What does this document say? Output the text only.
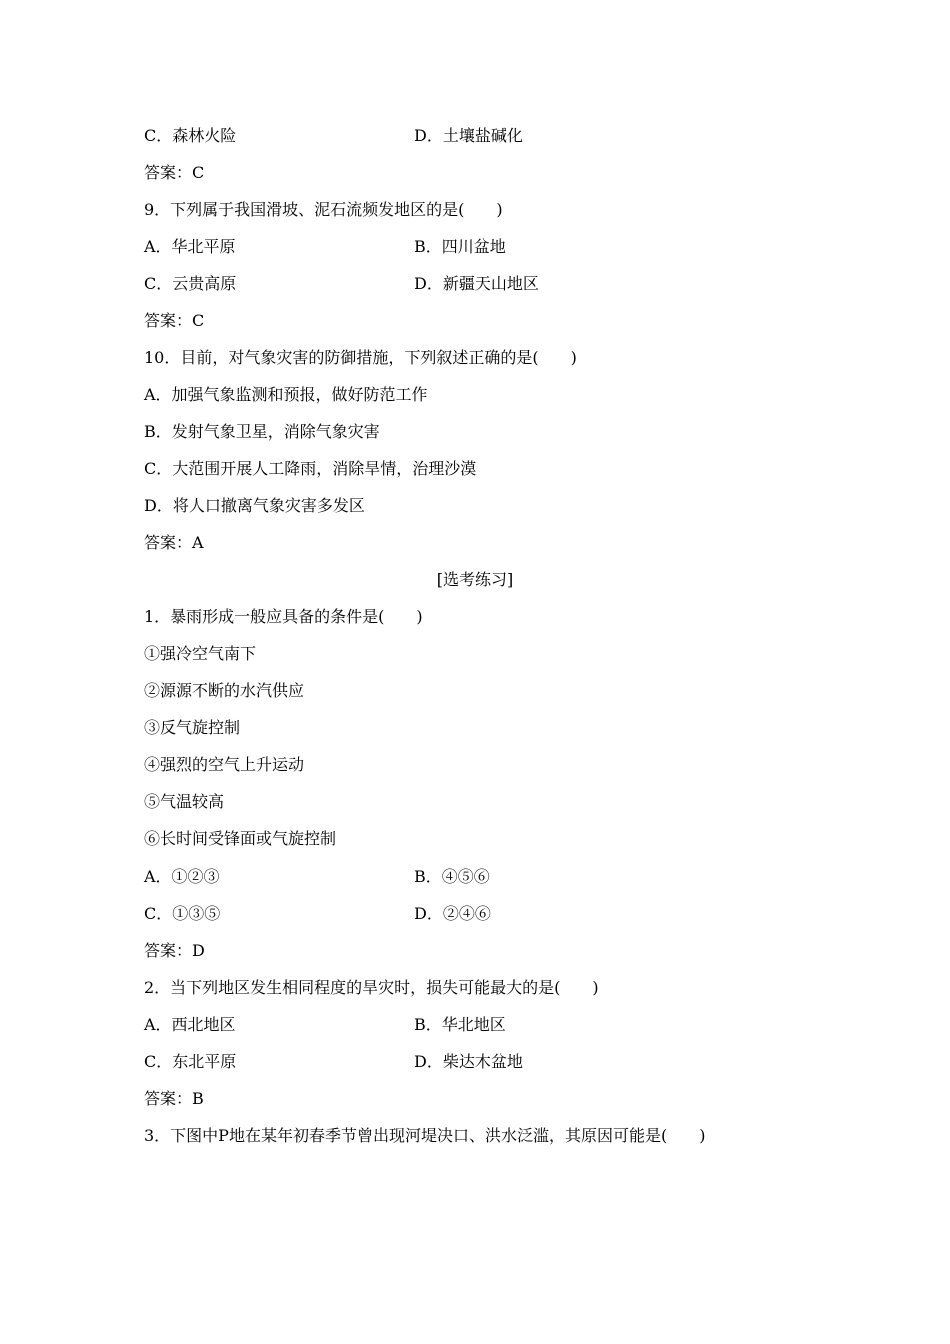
C．森林火险	D．土壤盐碱化
答案：C
9．下列属于我国滑坡、泥石流频发地区的是(　　)
A．华北平原	B．四川盆地
C．云贵高原	D．新疆天山地区
答案：C
10．目前，对气象灾害的防御措施，下列叙述正确的是(　　)
A．加强气象监测和预报，做好防范工作
B．发射气象卫星，消除气象灾害
C．大范围开展人工降雨，消除旱情，治理沙漠
D．将人口撤离气象灾害多发区
答案：A
[选考练习]
1．暴雨形成一般应具备的条件是(　　)
①强冷空气南下
②源源不断的水汽供应
③反气旋控制
④强烈的空气上升运动
⑤气温较高
⑥长时间受锋面或气旋控制
A．①②③	B．④⑤⑥
C．①③⑤	D．②④⑥
答案：D
2．当下列地区发生相同程度的旱灾时，损失可能最大的是(　　)
A．西北地区	B．华北地区
C．东北平原	D．柴达木盆地
答案：B
3．下图中P地在某年初春季节曾出现河堤决口、洪水泛滥，其原因可能是(　　)
